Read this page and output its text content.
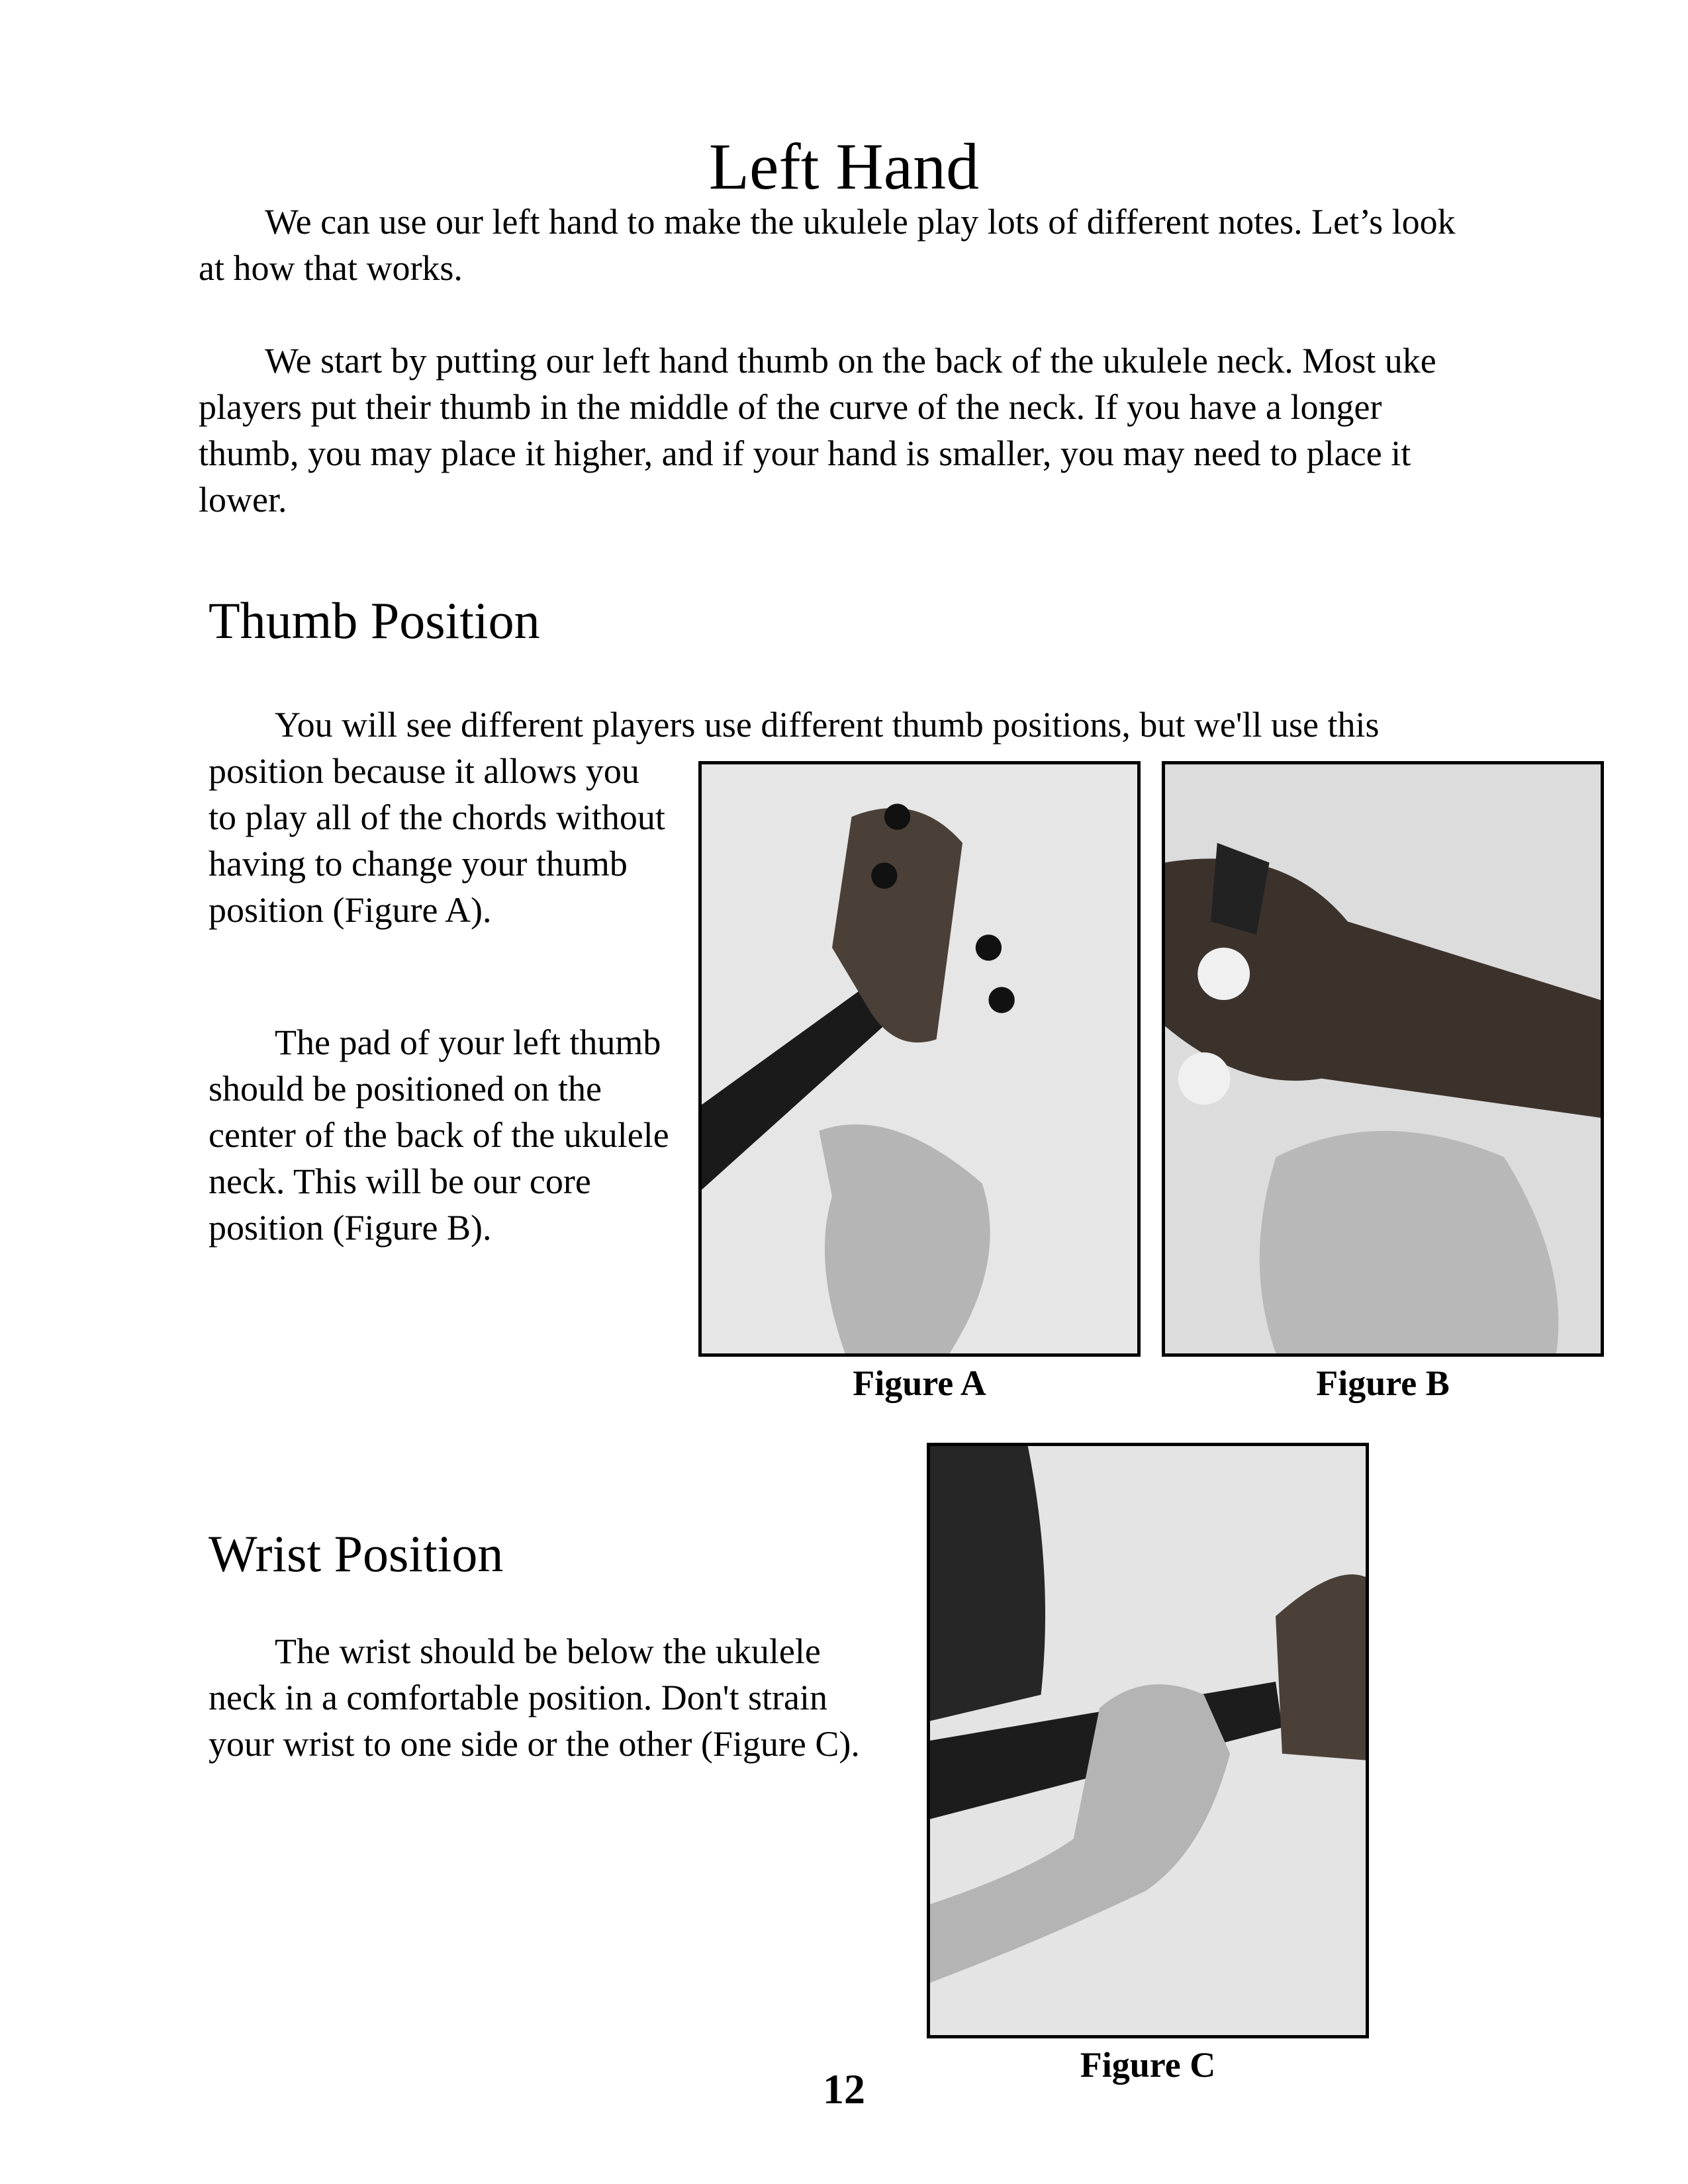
Left Hand

We can use our left hand to make the ukulele play lots of different notes. Let’s look at how that works.

We start by putting our left hand thumb on the back of the ukulele neck. Most uke players put their thumb in the middle of the curve of the neck. If you have a longer thumb, you may place it higher, and if your hand is smaller, you may need to place it lower.

Thumb Position

You will see different players use different thumb positions, but we'll use this

position because it allows you to play all of the chords without having to change your thumb position (Figure A).

The pad of your left thumb should be positioned on the center of the back of the ukulele neck. This will be our core position (Figure B).

Figure A	Figure B
Wrist Position

The wrist should be below the ukulele neck in a comfortable position. Don't strain your wrist to one side or the other (Figure C).

Figure C
12
